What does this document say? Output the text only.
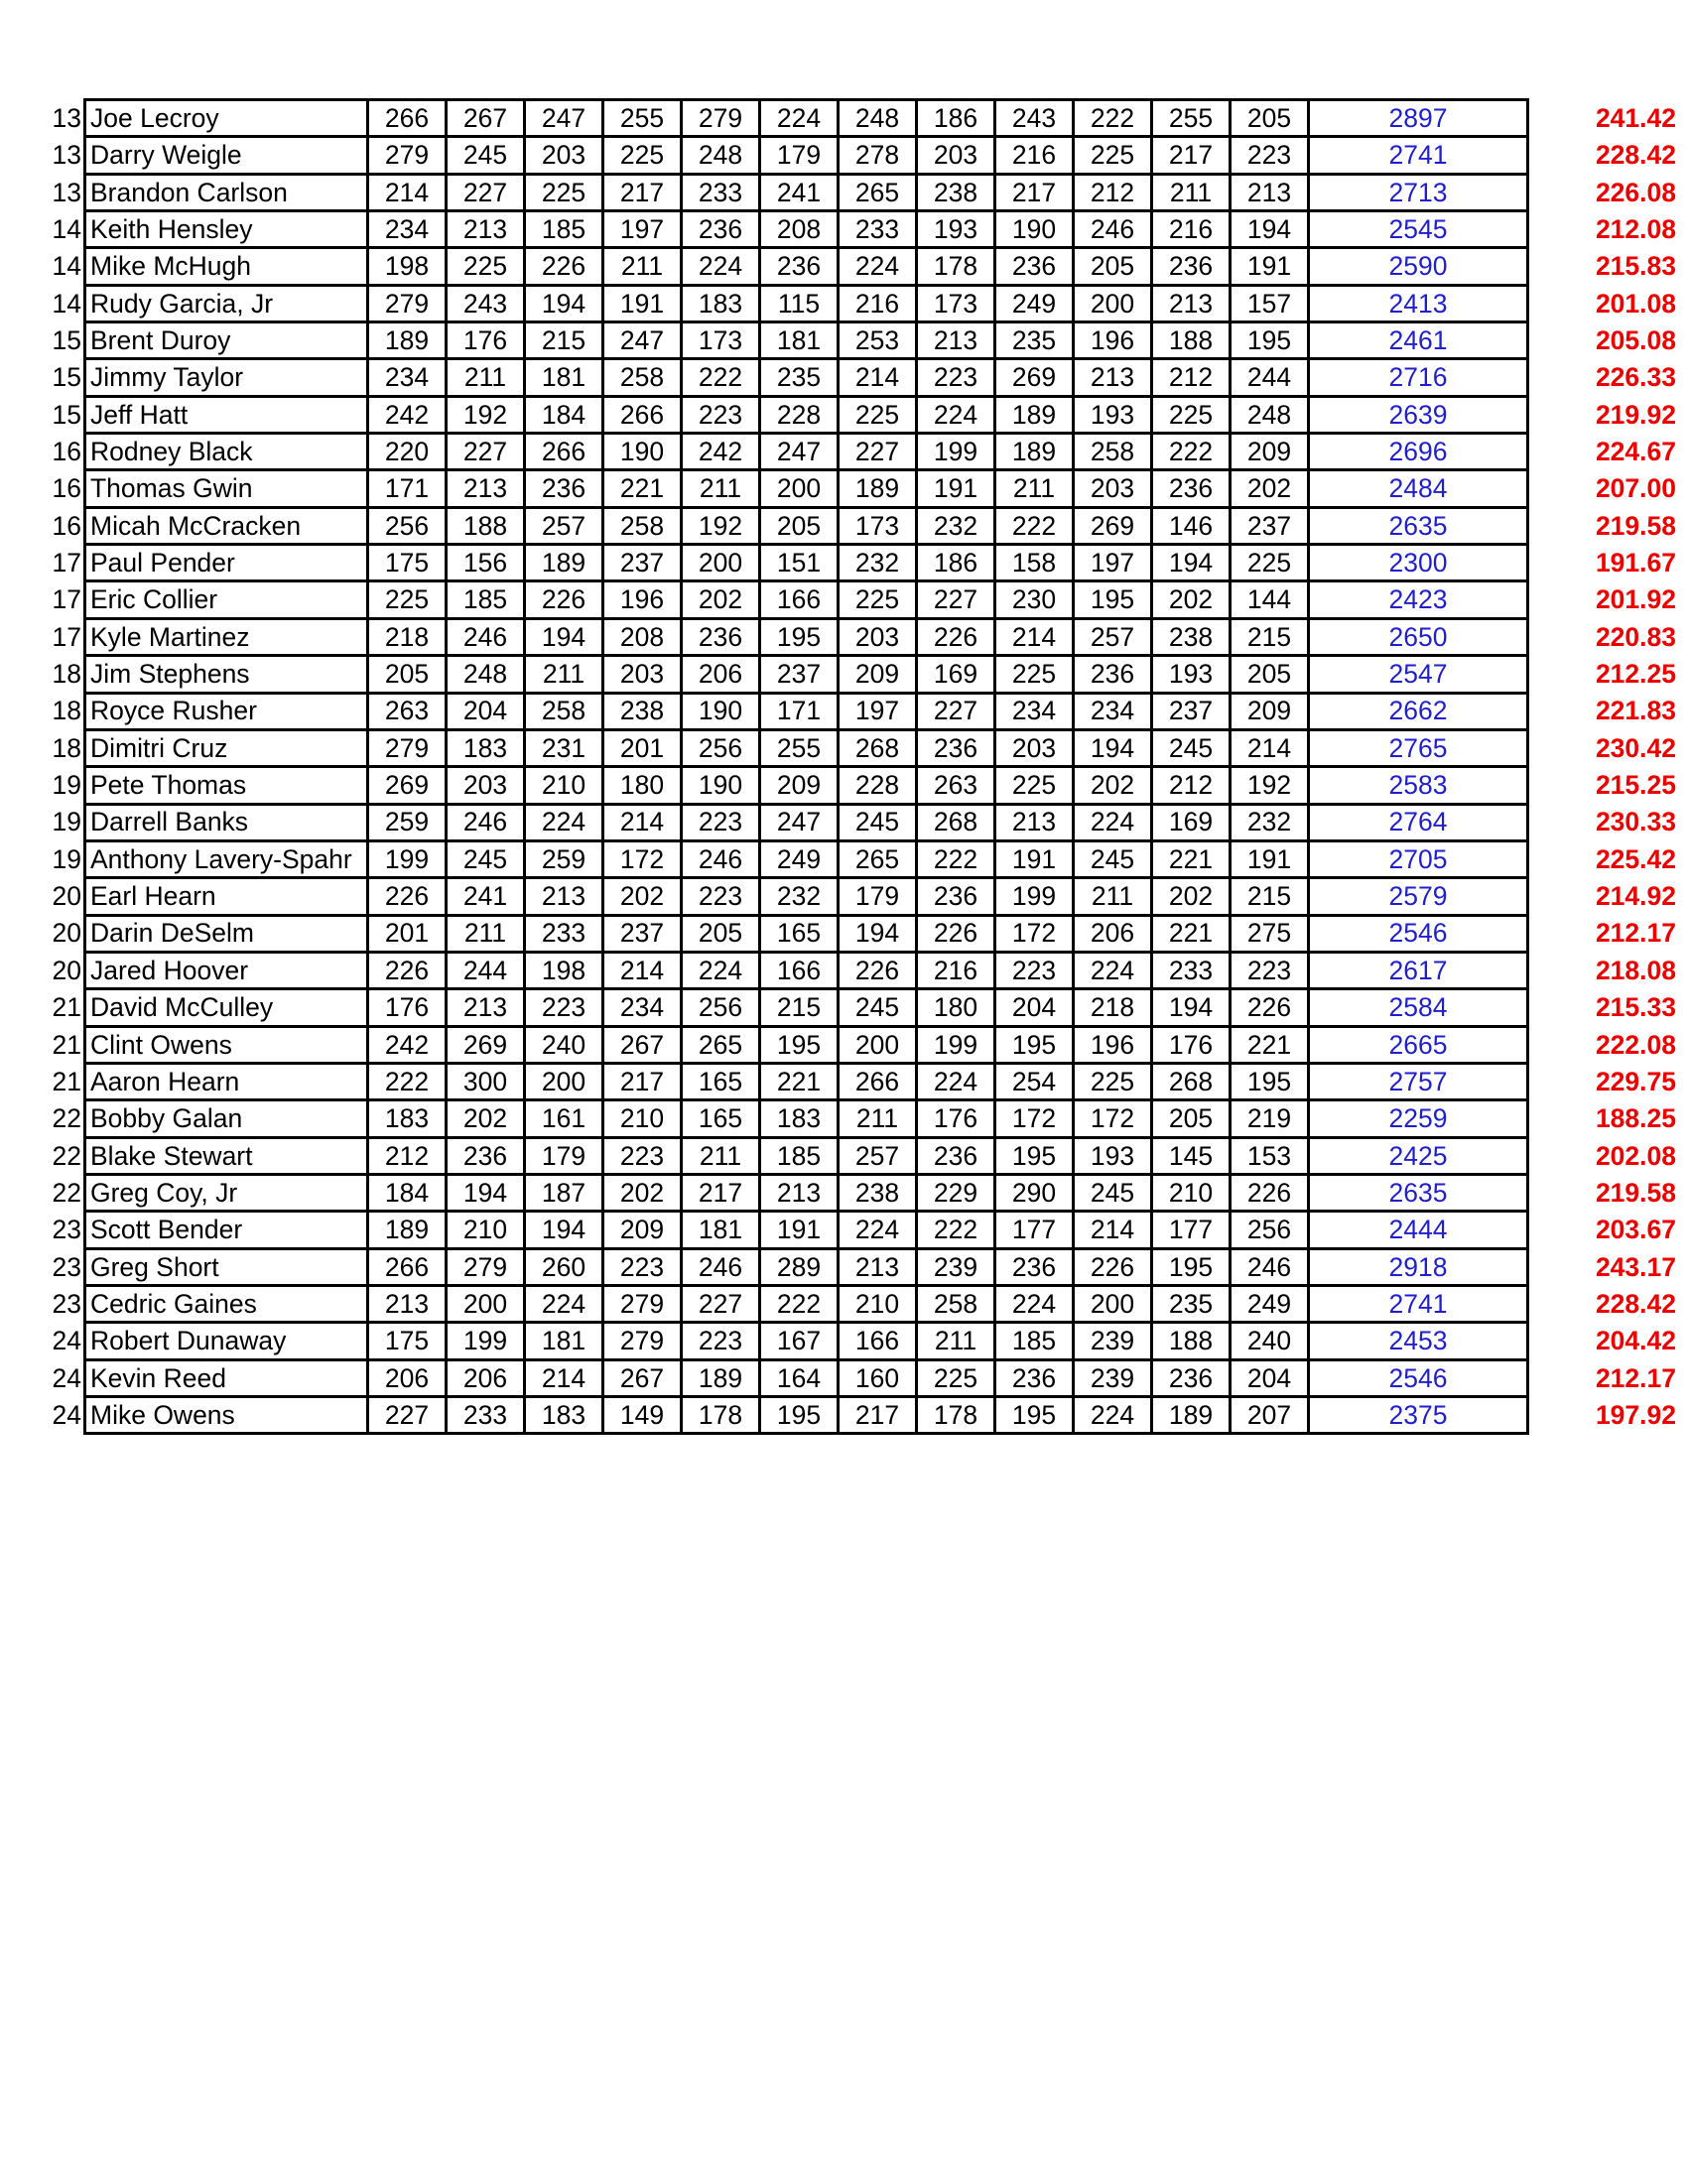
13	Joe Lecroy	266	267	247	255	279	224	248	186	243	222	255	205	2897		241.42
13	Darry Weigle	279	245	203	225	248	179	278	203	216	225	217	223	2741		228.42
13	Brandon Carlson	214	227	225	217	233	241	265	238	217	212	211	213	2713		226.08
14	Keith Hensley	234	213	185	197	236	208	233	193	190	246	216	194	2545		212.08
14	Mike McHugh	198	225	226	211	224	236	224	178	236	205	236	191	2590		215.83
14	Rudy Garcia, Jr	279	243	194	191	183	115	216	173	249	200	213	157	2413		201.08
15	Brent Duroy	189	176	215	247	173	181	253	213	235	196	188	195	2461		205.08
15	Jimmy Taylor	234	211	181	258	222	235	214	223	269	213	212	244	2716		226.33
15	Jeff Hatt	242	192	184	266	223	228	225	224	189	193	225	248	2639		219.92
16	Rodney Black	220	227	266	190	242	247	227	199	189	258	222	209	2696		224.67
16	Thomas Gwin	171	213	236	221	211	200	189	191	211	203	236	202	2484		207.00
16	Micah McCracken	256	188	257	258	192	205	173	232	222	269	146	237	2635		219.58
17	Paul Pender	175	156	189	237	200	151	232	186	158	197	194	225	2300		191.67
17	Eric Collier	225	185	226	196	202	166	225	227	230	195	202	144	2423		201.92
17	Kyle Martinez	218	246	194	208	236	195	203	226	214	257	238	215	2650		220.83
18	Jim Stephens	205	248	211	203	206	237	209	169	225	236	193	205	2547		212.25
18	Royce Rusher	263	204	258	238	190	171	197	227	234	234	237	209	2662		221.83
18	Dimitri Cruz	279	183	231	201	256	255	268	236	203	194	245	214	2765		230.42
19	Pete Thomas	269	203	210	180	190	209	228	263	225	202	212	192	2583		215.25
19	Darrell Banks	259	246	224	214	223	247	245	268	213	224	169	232	2764		230.33
19	Anthony Lavery-Spahr	199	245	259	172	246	249	265	222	191	245	221	191	2705		225.42
20	Earl Hearn	226	241	213	202	223	232	179	236	199	211	202	215	2579		214.92
20	Darin DeSelm	201	211	233	237	205	165	194	226	172	206	221	275	2546		212.17
20	Jared Hoover	226	244	198	214	224	166	226	216	223	224	233	223	2617		218.08
21	David McCulley	176	213	223	234	256	215	245	180	204	218	194	226	2584		215.33
21	Clint Owens	242	269	240	267	265	195	200	199	195	196	176	221	2665		222.08
21	Aaron Hearn	222	300	200	217	165	221	266	224	254	225	268	195	2757		229.75
22	Bobby Galan	183	202	161	210	165	183	211	176	172	172	205	219	2259		188.25
22	Blake Stewart	212	236	179	223	211	185	257	236	195	193	145	153	2425		202.08
22	Greg Coy, Jr	184	194	187	202	217	213	238	229	290	245	210	226	2635		219.58
23	Scott Bender	189	210	194	209	181	191	224	222	177	214	177	256	2444		203.67
23	Greg Short	266	279	260	223	246	289	213	239	236	226	195	246	2918		243.17
23	Cedric Gaines	213	200	224	279	227	222	210	258	224	200	235	249	2741		228.42
24	Robert Dunaway	175	199	181	279	223	167	166	211	185	239	188	240	2453		204.42
24	Kevin Reed	206	206	214	267	189	164	160	225	236	239	236	204	2546		212.17
24	Mike Owens	227	233	183	149	178	195	217	178	195	224	189	207	2375		197.92
